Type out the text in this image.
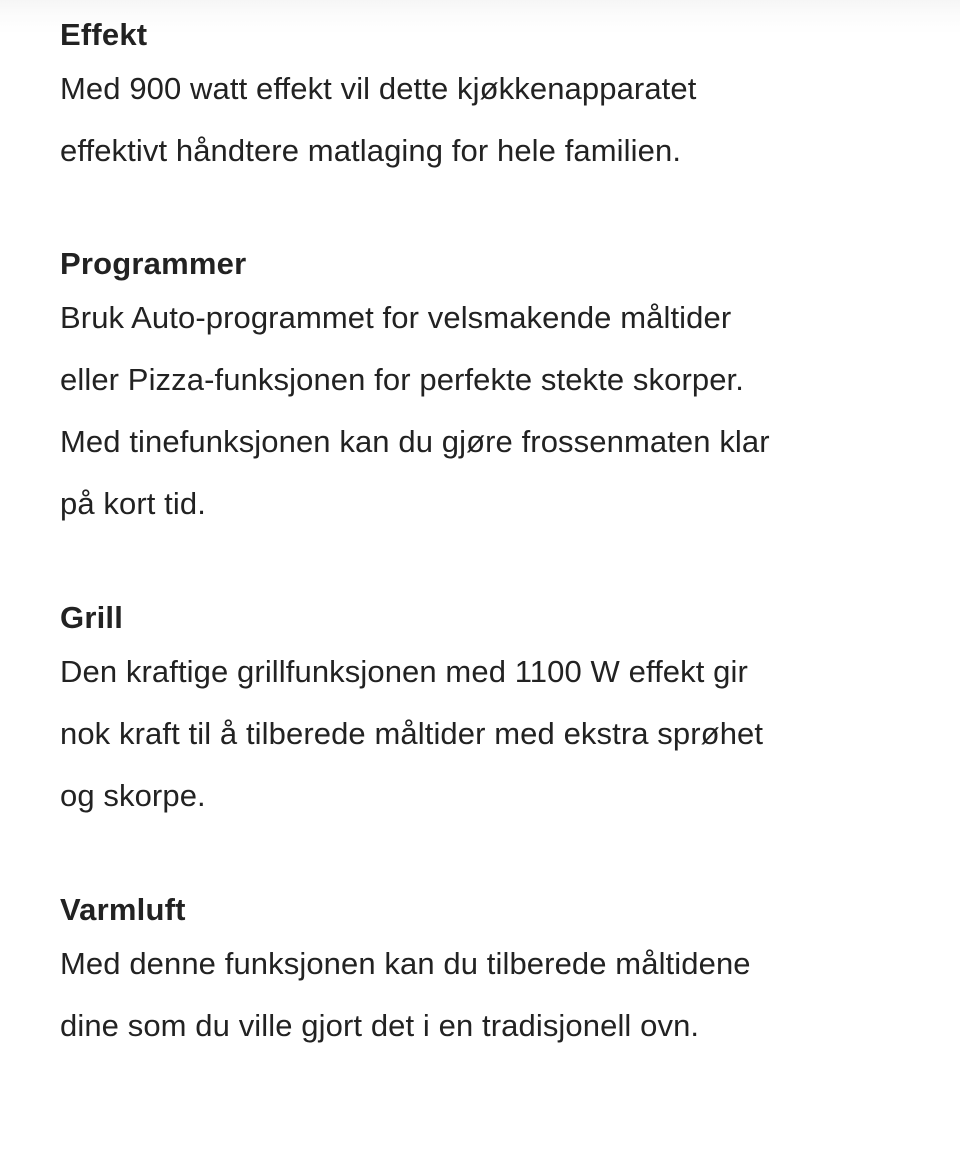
Effekt

Med 900 watt effekt vil dette kjøkkenapparatet
effektivt håndtere matlaging for hele familien.

Programmer

Bruk Auto-programmet for velsmakende måltider
eller Pizza-funksjonen for perfekte stekte skorper.
Med tinefunksjonen kan du gjøre frossenmaten klar
på kort tid.

Grill

Den kraftige grillfunksjonen med 1100 W effekt gir
nok kraft til å tilberede måltider med ekstra sprøhet
og skorpe.

Varmluft

Med denne funksjonen kan du tilberede måltidene
dine som du ville gjort det i en tradisjonell ovn.
